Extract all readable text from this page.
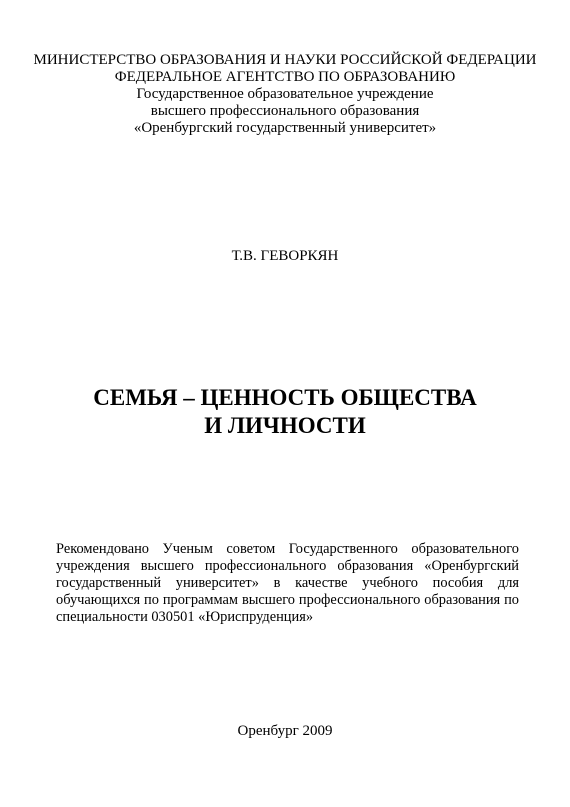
МИНИСТЕРСТВО ОБРАЗОВАНИЯ И НАУКИ РОССИЙСКОЙ ФЕДЕРАЦИИ
ФЕДЕРАЛЬНОЕ АГЕНТСТВО ПО ОБРАЗОВАНИЮ
Государственное образовательное учреждение
высшего профессионального образования
«Оренбургский государственный университет»
Т.В. ГЕВОРКЯН
СЕМЬЯ – ЦЕННОСТЬ ОБЩЕСТВА
И ЛИЧНОСТИ
Рекомендовано Ученым советом Государственного образовательного
учреждения высшего профессионального образования «Оренбургский
государственный университет» в качестве учебного пособия для
обучающихся по программам высшего профессионального образования по
специальности 030501 «Юриспруденция»
Оренбург 2009
